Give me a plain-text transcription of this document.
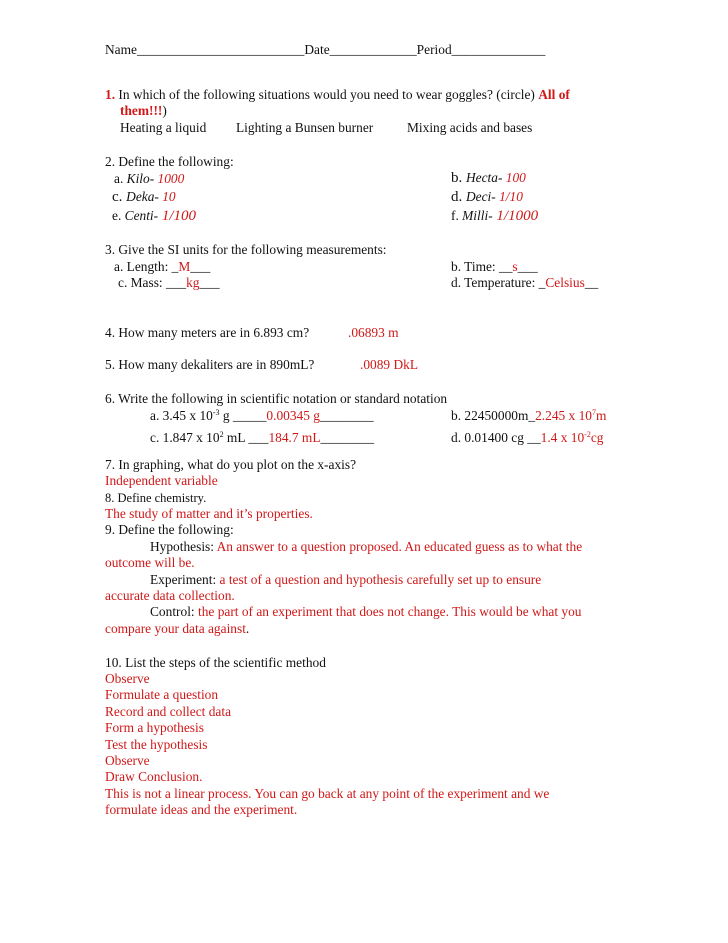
Name_________________________Date_____________Period______________
1. In which of the following situations would you need to wear goggles? (circle) All of
them!!!)
Heating a liquid Lighting a Bunsen burner	Mixing acids and bases
2. Define the following:
a. Kilo- 1000	b. Hecta- 100
c. Deka- 10	d. Deci- 1/10
e. Centi- 1/100	f. Milli- 1/1000
3. Give the SI units for the following measurements:
a. Length: _M___	b. Time: __s___
c. Mass: ___kg___	d. Temperature: _Celsius__
4. How many meters are in 6.893 cm?	.06893 m
5. How many dekaliters are in 890mL?	.0089 DkL
6. Write the following in scientific notation or standard notation
a. 3.45 x $10^{-3}$ g _____0.00345 g________	b. 22450000m_2.245 x $10^7m$
c. 1.847 x $10^2$ mL ___184.7 mL________	d. 0.01400 cg __1.4 x $10^{-2}cg$
7. In graphing, what do you plot on the x-axis?
Independent variable
8. Define chemistry.
The study of matter and it’s properties.
9. Define the following:
Hypothesis: An answer to a question proposed. An educated guess as to what the
outcome will be.
Experiment: a test of a question and hypothesis carefully set up to ensure
accurate data collection.
Control: the part of an experiment that does not change. This would be what you
compare your data against.
10. List the steps of the scientific method
Observe
Formulate a question
Record and collect data
Form a hypothesis
Test the hypothesis
Observe
Draw Conclusion.
This is not a linear process. You can go back at any point of the experiment and we
formulate ideas and the experiment.
